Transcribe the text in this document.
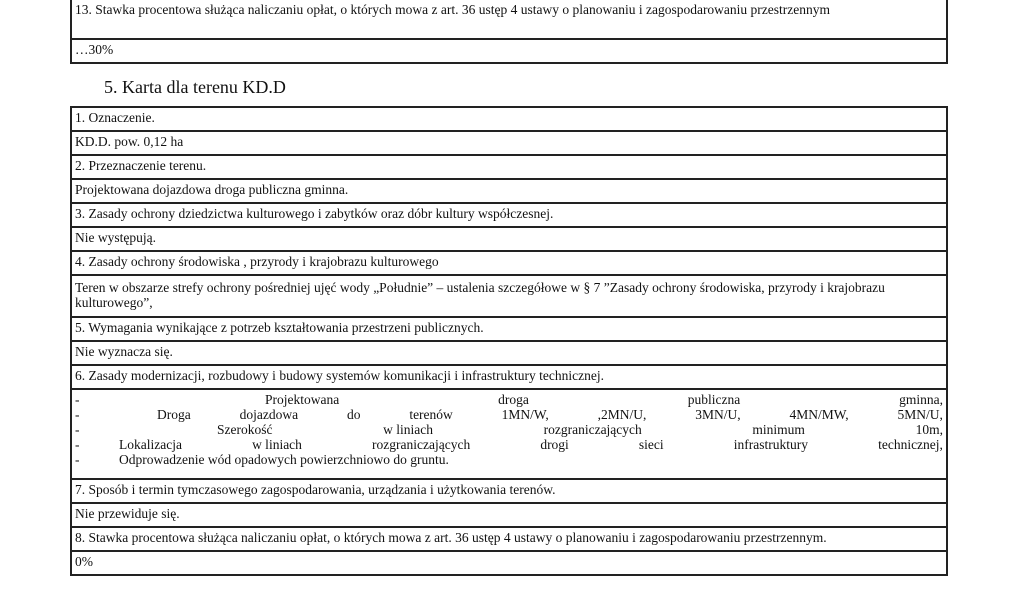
13. Stawka procentowa służąca naliczaniu opłat, o których mowa z art. 36 ustęp 4 ustawy o planowaniu i zagospodarowaniu przestrzennym
…30%
5. Karta dla terenu KD.D
1. Oznaczenie.
KD.D. pow. 0,12 ha
2. Przeznaczenie terenu.
Projektowana dojazdowa droga publiczna gminna.
3. Zasady ochrony dziedzictwa kulturowego i zabytków oraz dóbr kultury współczesnej.
Nie występują.
4. Zasady ochrony środowiska , przyrody i krajobrazu kulturowego
Teren w obszarze strefy ochrony pośredniej ujęć wody „Południe” – ustalenia szczegółowe w § 7 ”Zasady ochrony środowiska, przyrody i krajobrazu kulturowego”,
5. Wymagania wynikające z potrzeb kształtowania przestrzeni publicznych.
Nie wyznacza się.
6. Zasady modernizacji, rozbudowy i budowy systemów komunikacji i infrastruktury technicznej.
-	Projektowana	droga	publiczna	gminna,
-	Droga	dojazdowa	do	terenów	1MN/W,	,2MN/U,	3MN/U,	4MN/MW,	5MN/U,
-	Szerokość	w liniach	rozgraniczających	minimum	10m,
-	Lokalizacja	w liniach	rozgraniczających	drogi	sieci	infrastruktury	technicznej,
-	Odprowadzenie wód opadowych powierzchniowo do gruntu.
7. Sposób i termin tymczasowego zagospodarowania, urządzania i użytkowania terenów.
Nie przewiduje się.
8. Stawka procentowa służąca naliczaniu opłat, o których mowa z art. 36 ustęp 4 ustawy o planowaniu i zagospodarowaniu przestrzennym.
0%
